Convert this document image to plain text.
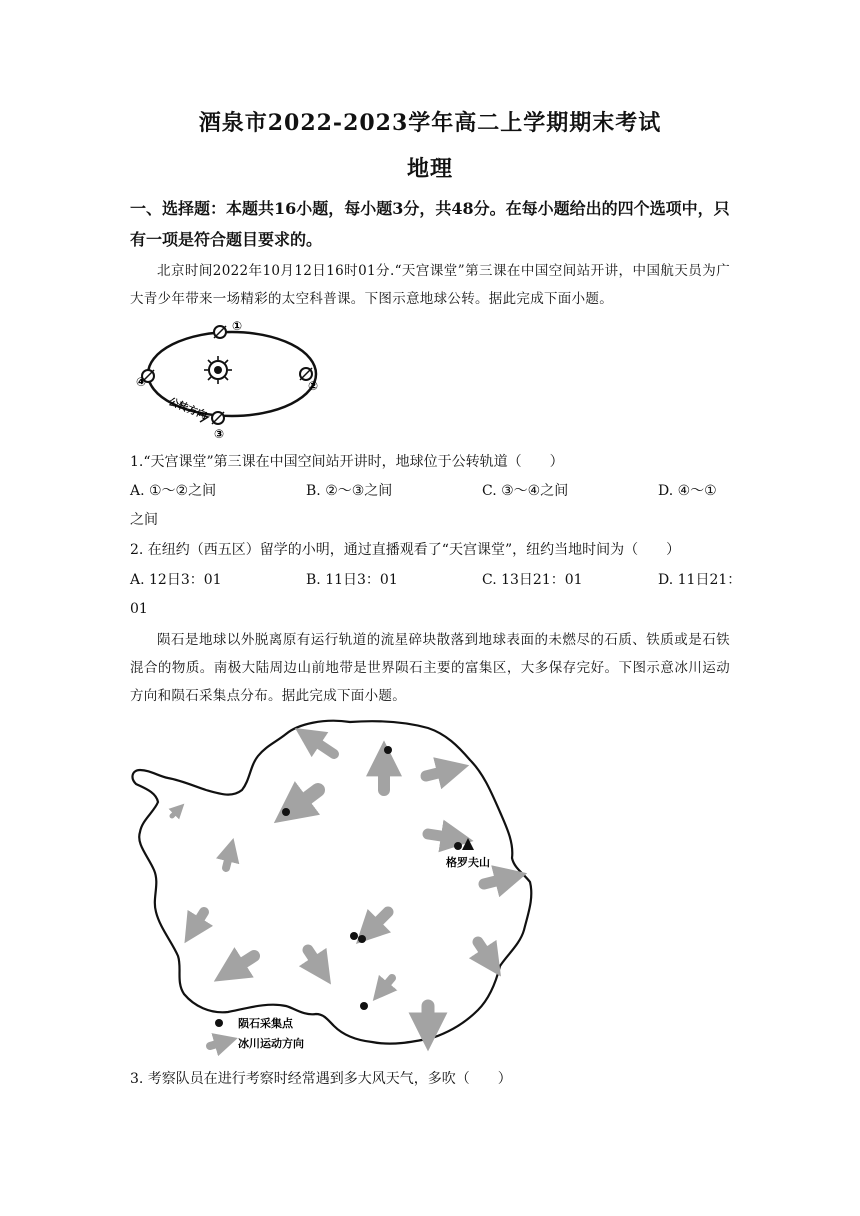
酒泉市2022-2023学年高二上学期期末考试
地理
一、选择题：本题共16小题，每小题3分，共48分。在每小题给出的四个选项中，只有一项是符合题目要求的。
北京时间2022年10月12日16时01分.“天宫课堂”第三课在中国空间站开讲，中国航天员为广大青少年带来一场精彩的太空科普课。下图示意地球公转。据此完成下面小题。
①
②
③
④
公转方向
1.“天宫课堂”第三课在中国空间站开讲时，地球位于公转轨道（　　）
A. ①～②之间	B. ②～③之间	C. ③～④之间	D. ④～①
之间
2. 在纽约（西五区）留学的小明，通过直播观看了“天宫课堂”，纽约当地时间为（　　）
A. 12日3：01	B. 11日3：01	C. 13日21：01	D. 11日21：
01
陨石是地球以外脱离原有运行轨道的流星碎块散落到地球表面的未燃尽的石质、铁质或是石铁混合的物质。南极大陆周边山前地带是世界陨石主要的富集区，大多保存完好。下图示意冰川运动方向和陨石采集点分布。据此完成下面小题。
格罗夫山
陨石采集点
冰川运动方向
3. 考察队员在进行考察时经常遇到多大风天气，多吹（　　）
